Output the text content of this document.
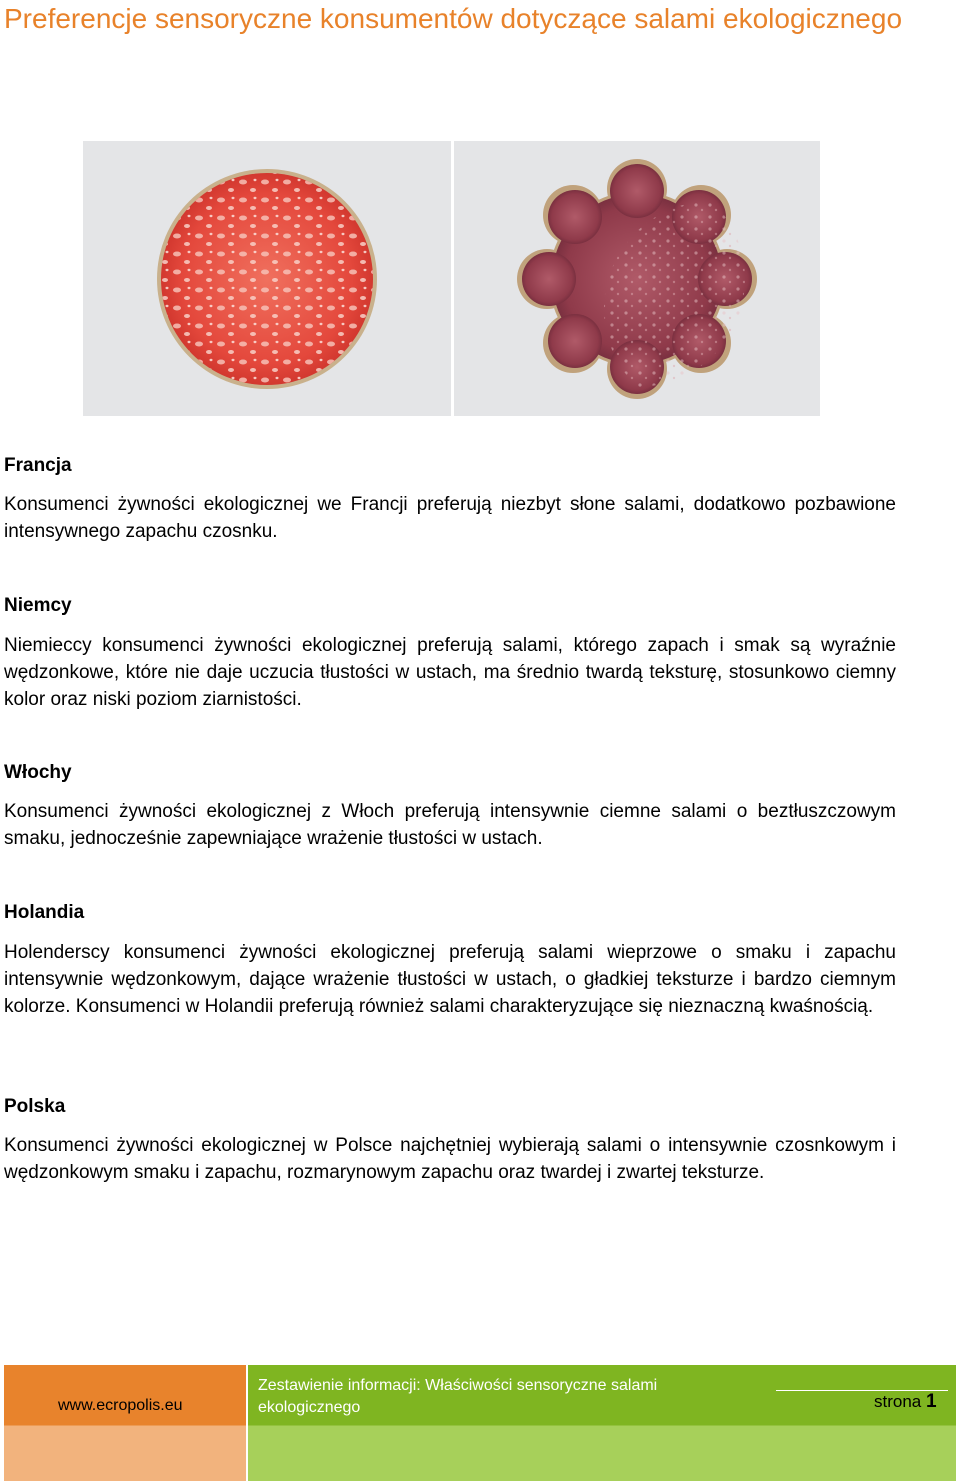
Preferencje sensoryczne konsumentów dotyczące salami ekologicznego
Francja

Konsumenci żywności ekologicznej we Francji preferują niezbyt słone salami, dodatkowo pozbawione intensywnego zapachu czosnku.

Niemcy

Niemieccy konsumenci żywności ekologicznej preferują salami, którego zapach i smak są wyraźnie wędzonkowe, które nie daje uczucia tłustości w ustach, ma średnio twardą teksturę, stosunkowo ciemny kolor oraz niski poziom ziarnistości.

Włochy

Konsumenci żywności ekologicznej z Włoch preferują intensywnie ciemne salami o beztłuszczowym smaku, jednocześnie zapewniające wrażenie tłustości w ustach.

Holandia

Holenderscy konsumenci żywności ekologicznej preferują salami wieprzowe o smaku i zapachu intensywnie wędzonkowym, dające wrażenie tłustości w ustach, o gładkiej teksturze i bardzo ciemnym kolorze. Konsumenci w Holandii preferują również salami charakteryzujące się nieznaczną kwaśnością.

Polska

Konsumenci żywności ekologicznej w Polsce najchętniej wybierają salami o intensywnie czosnkowym i wędzonkowym smaku i zapachu, rozmarynowym zapachu oraz twardej i zwartej teksturze.

www.ecropolis.eu
Zestawienie informacji: Właściwości sensoryczne salami ekologicznego	strona 1
